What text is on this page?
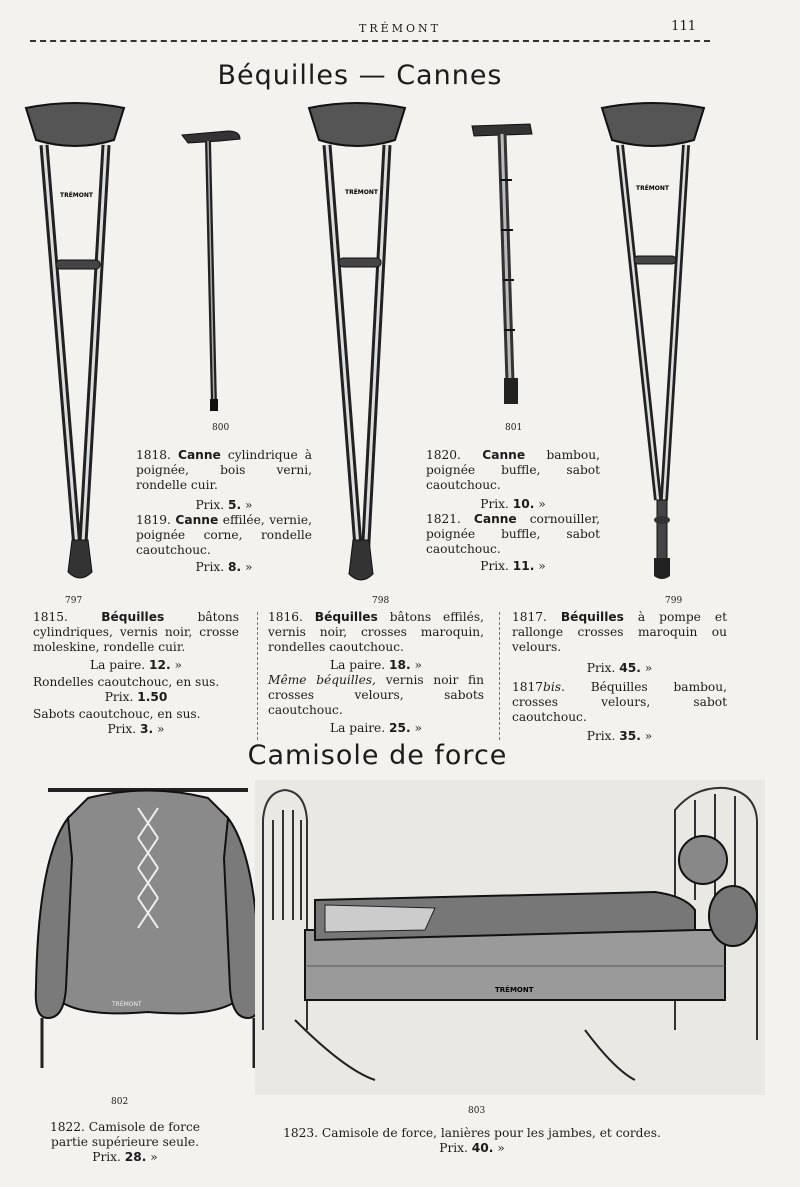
TRÉMONT	111
Béquilles — Cannes
TRÉMONT
797
800
TRÉMONT
798
801
TRÉMONT
799

1818. Canne cylindrique à poignée, bois verni, rondelle cuir.

Prix. 5. »

1819. Canne effilée, vernie, poignée corne, rondelle caoutchouc.

Prix. 8. »

1820. Canne bambou, poignée buffle, sabot caoutchouc.

Prix. 10. »

1821. Canne cornouiller, poignée buffle, sabot caoutchouc.

Prix. 11. »

1815.	Béquilles	bâtons cylindriques, vernis noir, crosse moleskine, rondelle cuir.

La paire. 12. »

Rondelles caoutchouc, en sus.

Prix. 1.50

Sabots caoutchouc, en sus.

Prix. 3. »

1816. Béquilles bâtons effilés, vernis noir, crosses maroquin, rondelles caoutchouc.

La paire. 18. »

Même béquilles, vernis noir fin crosses velours, sabots caoutchouc.

La paire. 25. »

1817. Béquilles à pompe et rallonge crosses maroquin ou velours.

Prix. 45. »

1817bis. Béquilles bambou, crosses velours, sabot caoutchouc.

Prix. 35. »

Camisole de force
TRÉMONT
802
TRÉMONT
803
1822. Camisole de force partie supérieure seule.
Prix. 28. »
1823. Camisole de force, lanières pour les jambes, et cordes.
Prix. 40. »
